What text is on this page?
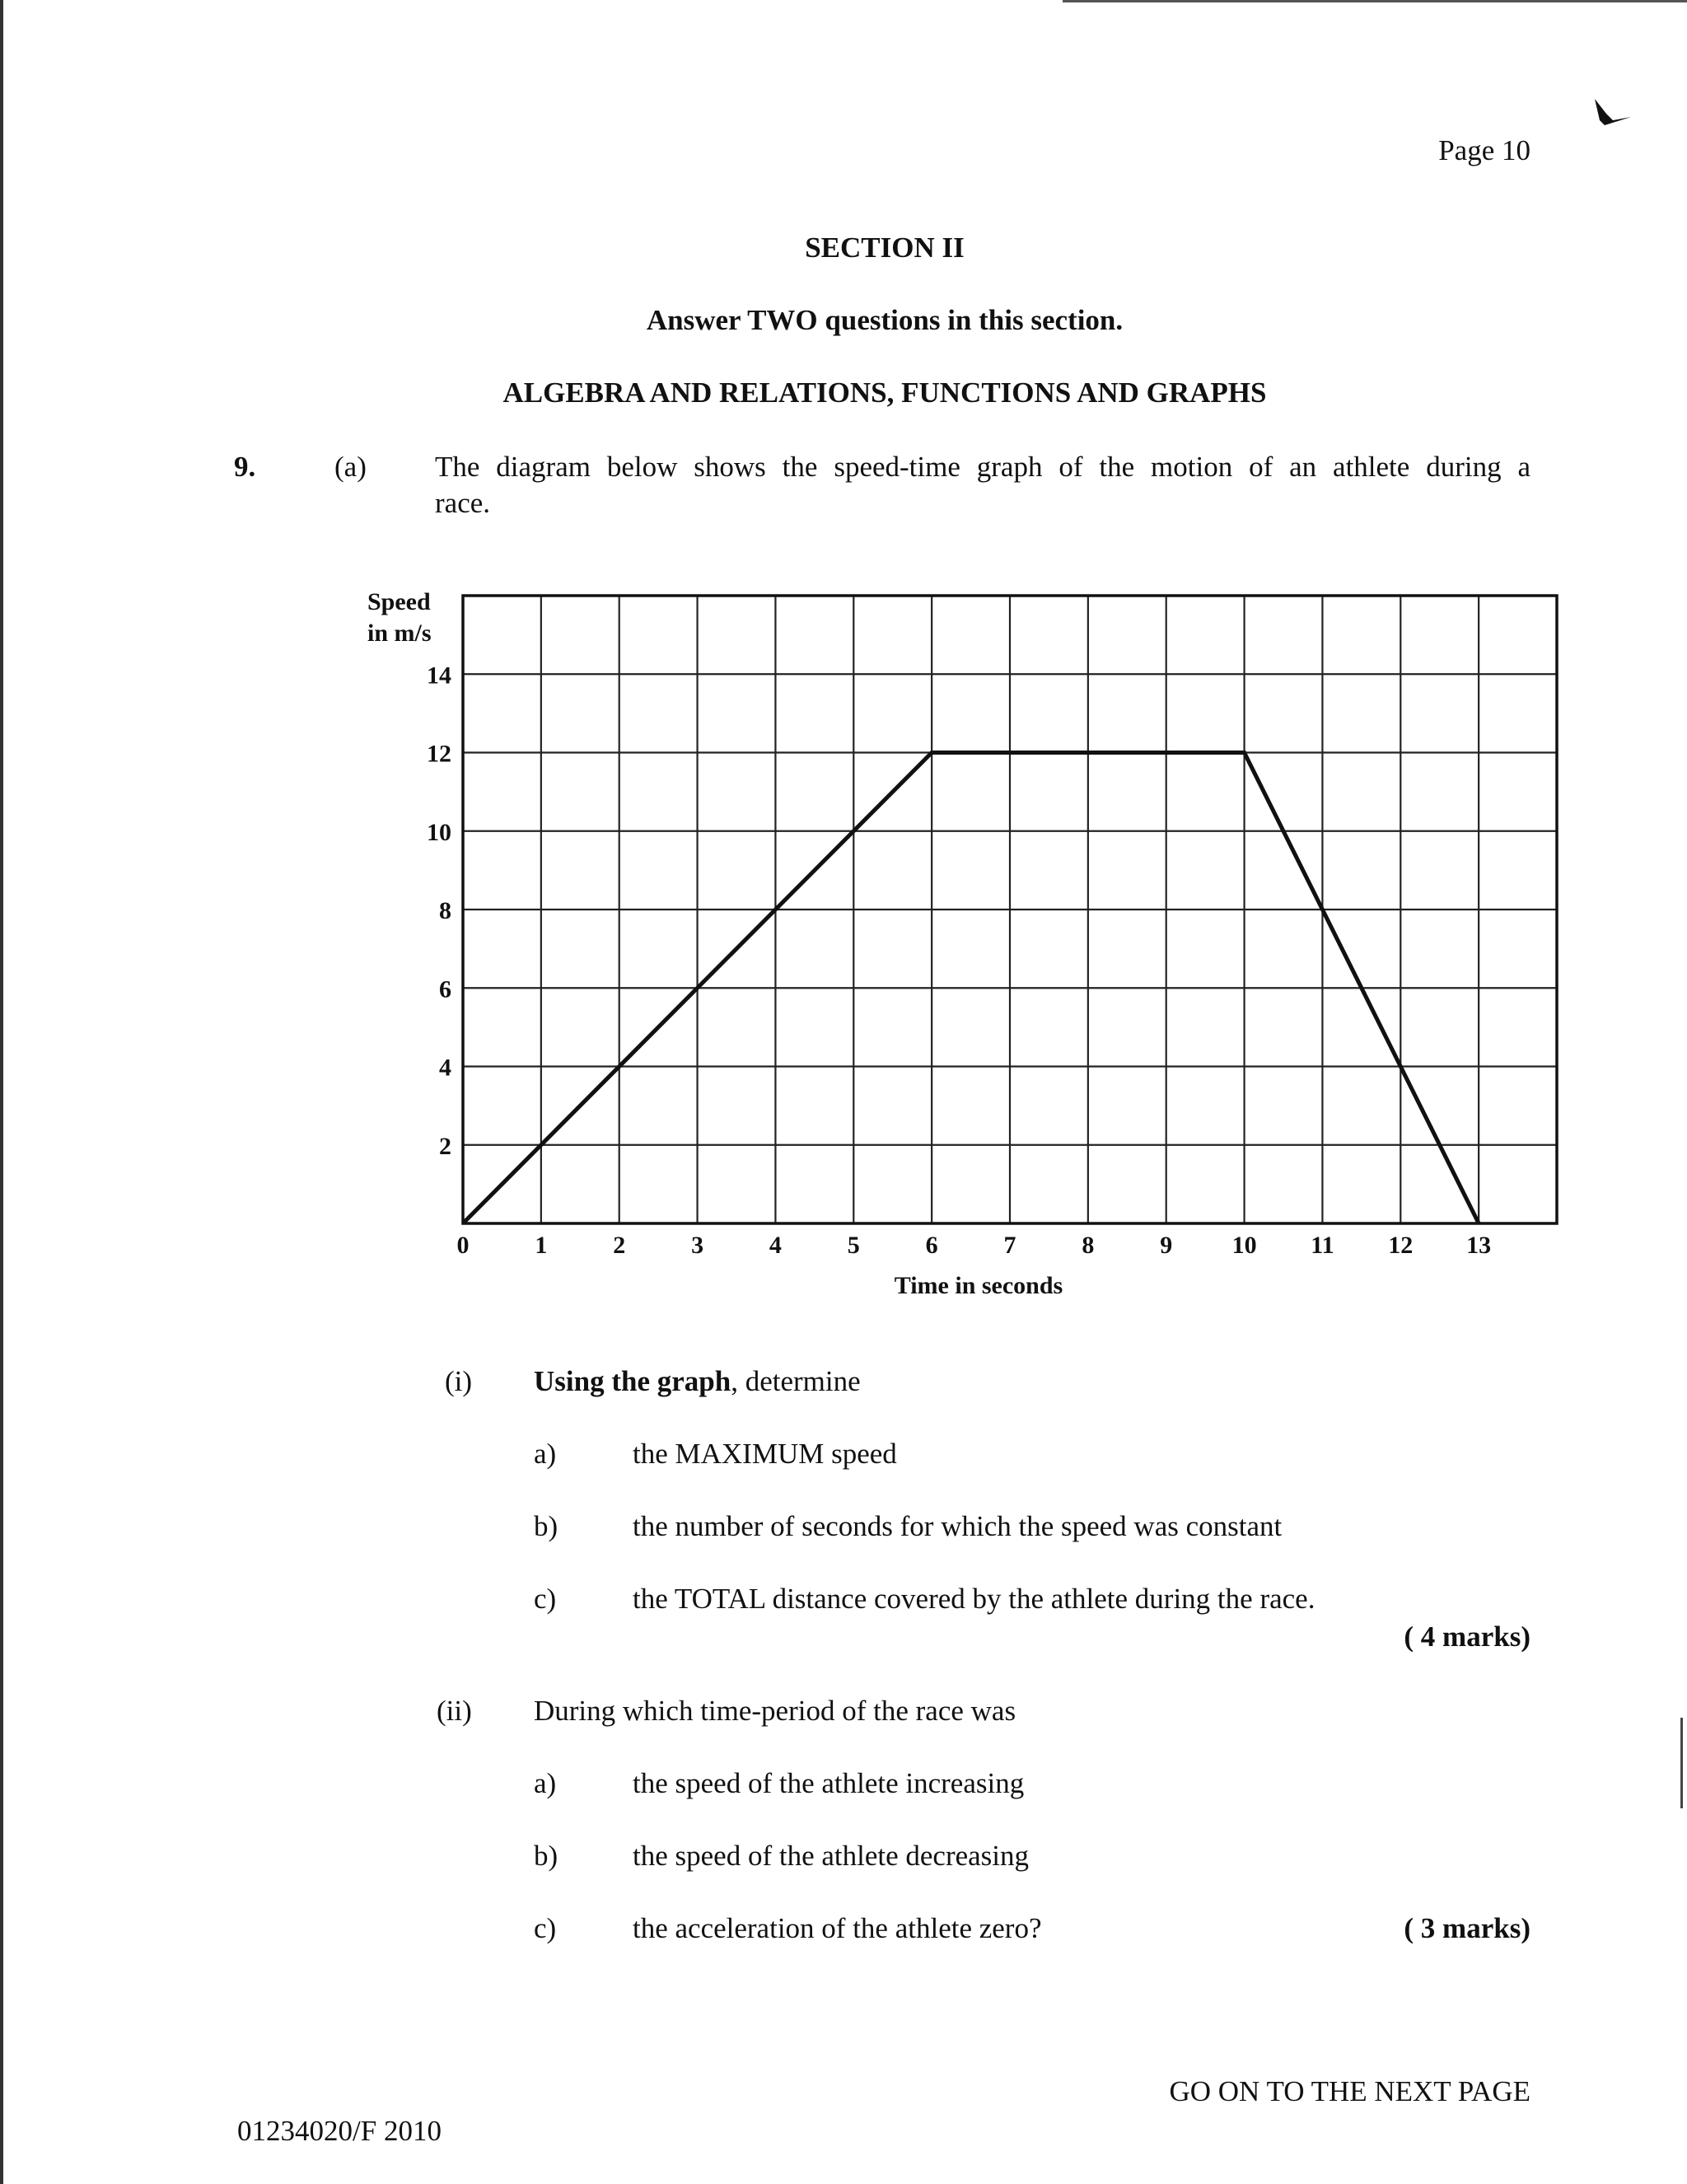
Page 10
SECTION II
Answer TWO questions in this section.
ALGEBRA AND RELATIONS, FUNCTIONS AND GRAPHS
9.	(a) The diagram below shows the speed-time graph of the motion of an athlete during a
race.
0	1	2	3	4	5	6	7	8	9 10 11 12 13
2
4
6
8
10
12
14
Speed
in m/s
Time in seconds
(i) Using the graph, determine
a)	the MAXIMUM speed
b)	the number of seconds for which the speed was constant
c)	the TOTAL distance covered by the athlete during the race.
( 4 marks)
(ii) During which time-period of the race was
a)	the speed of the athlete increasing
b)	the speed of the athlete decreasing
c)	the acceleration of the athlete zero?	( 3 marks)
GO ON TO THE NEXT PAGE
01234020/F 2010
